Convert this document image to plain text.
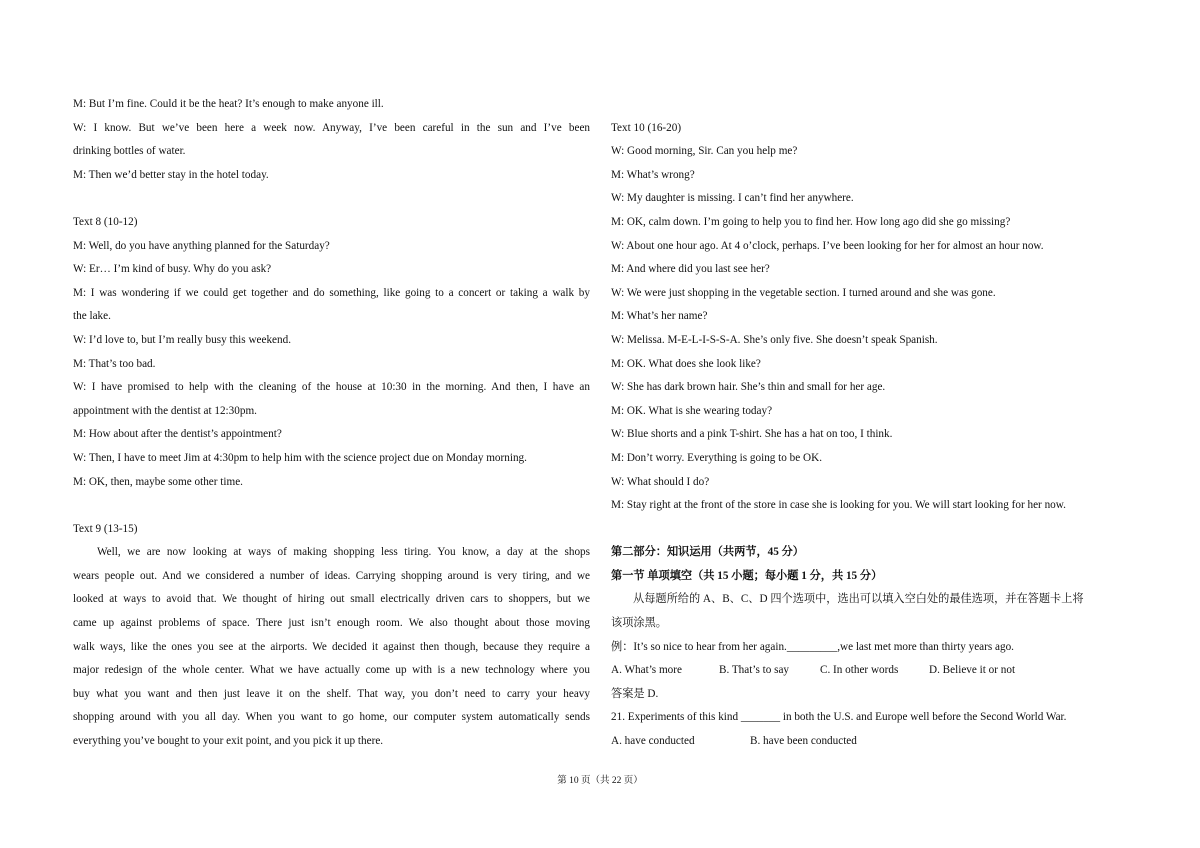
M: But I’m fine. Could it be the heat? It’s enough to make anyone ill.
W: I know. But we’ve been here a week now. Anyway, I’ve been careful in the sun and I’ve been
drinking bottles of water.
M: Then we’d better stay in the hotel today.
Text 8 (10-12)
M: Well, do you have anything planned for the Saturday?
W: Er… I’m kind of busy. Why do you ask?
M: I was wondering if we could get together and do something, like going to a concert or taking a walk by
the lake.
W: I’d love to, but I’m really busy this weekend.
M: That’s too bad.
W: I have promised to help with the cleaning of the house at 10:30 in the morning. And then, I have an
appointment with the dentist at 12:30pm.
M: How about after the dentist’s appointment?
W: Then, I have to meet Jim at 4:30pm to help him with the science project due on Monday morning.
M: OK, then, maybe some other time.
Text 9 (13-15)
Well, we are now looking at ways of making shopping less tiring. You know, a day at the shops
wears people out. And we considered a number of ideas. Carrying shopping around is very tiring, and we
looked at ways to avoid that. We thought of hiring out small electrically driven cars to shoppers, but we
came up against problems of space. There just isn’t enough room. We also thought about those moving
walk ways, like the ones you see at the airports. We decided it against then though, because they require a
major redesign of the whole center. What we have actually come up with is a new technology where you
buy what you want and then just leave it on the shelf. That way, you don’t need to carry your heavy
shopping around with you all day. When you want to go home, our computer system automatically sends
everything you’ve bought to your exit point, and you pick it up there.
Text 10 (16-20)
W: Good morning, Sir. Can you help me?
M: What’s wrong?
W: My daughter is missing. I can’t find her anywhere.
M: OK, calm down. I’m going to help you to find her. How long ago did she go missing?
W: About one hour ago. At 4 o’clock, perhaps. I’ve been looking for her for almost an hour now.
M: And where did you last see her?
W: We were just shopping in the vegetable section. I turned around and she was gone.
M: What’s her name?
W: Melissa. M-E-L-I-S-S-A. She’s only five. She doesn’t speak Spanish.
M: OK. What does she look like?
W: She has dark brown hair. She’s thin and small for her age.
M: OK. What is she wearing today?
W: Blue shorts and a pink T-shirt. She has a hat on too, I think.
M: Don’t worry. Everything is going to be OK.
W: What should I do?
M: Stay right at the front of the store in case she is looking for you. We will start looking for her now.
第二部分：知识运用（共两节，45 分）
第一节 单项填空（共 15 小题；每小题 1 分，共 15 分）
从每题所给的 A、B、C、D 四个选项中，选出可以填入空白处的最佳选项，并在答题卡上将
该项涂黑。
例：It’s so nice to hear from her again._________,we last met more than thirty years ago.
A. What’s more	B. That’s to say	C. In other words	D. Believe it or not
答案是 D.
21. Experiments of this kind _______ in both the U.S. and Europe well before the Second World War.
A. have conducted	B. have been conducted
第 10 页（共 22 页）
